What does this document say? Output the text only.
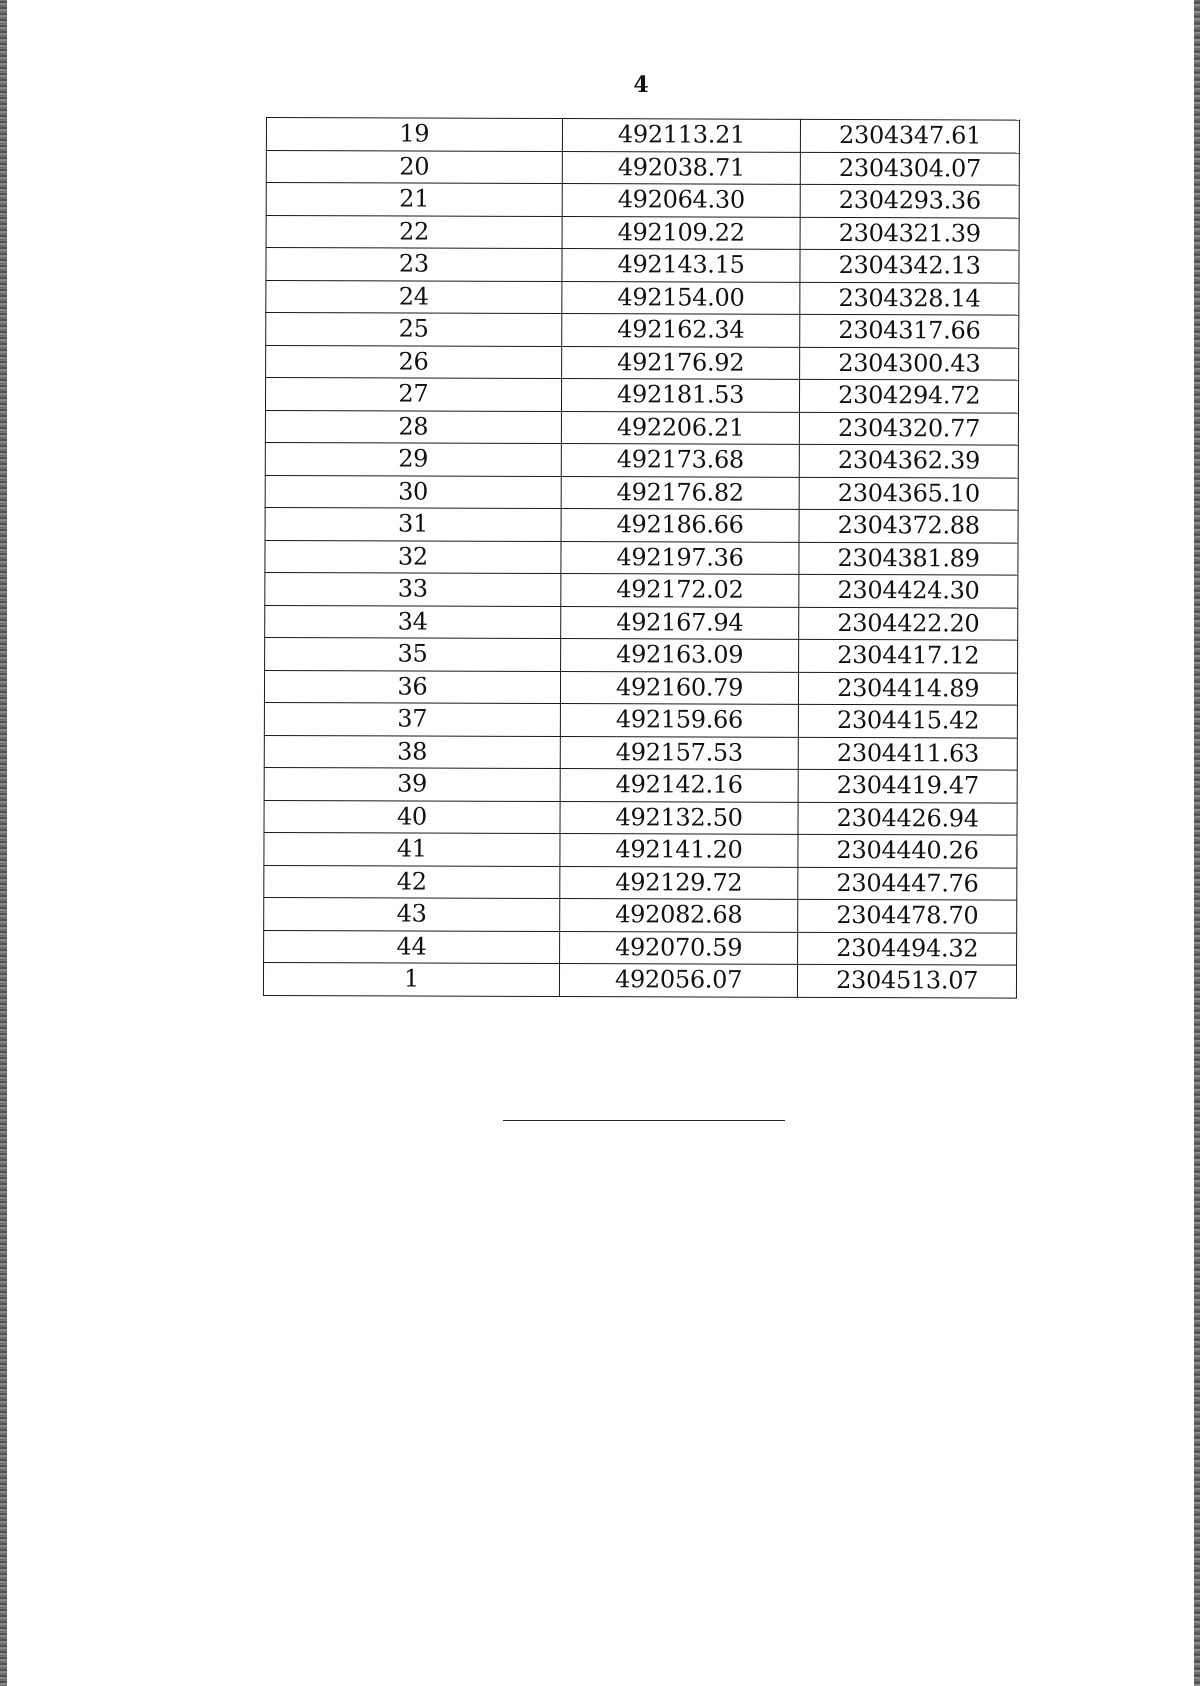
4
19	492113.21	2304347.61
20	492038.71	2304304.07
21	492064.30	2304293.36
22	492109.22	2304321.39
23	492143.15	2304342.13
24	492154.00	2304328.14
25	492162.34	2304317.66
26	492176.92	2304300.43
27	492181.53	2304294.72
28	492206.21	2304320.77
29	492173.68	2304362.39
30	492176.82	2304365.10
31	492186.66	2304372.88
32	492197.36	2304381.89
33	492172.02	2304424.30
34	492167.94	2304422.20
35	492163.09	2304417.12
36	492160.79	2304414.89
37	492159.66	2304415.42
38	492157.53	2304411.63
39	492142.16	2304419.47
40	492132.50	2304426.94
41	492141.20	2304440.26
42	492129.72	2304447.76
43	492082.68	2304478.70
44	492070.59	2304494.32
1	492056.07	2304513.07
